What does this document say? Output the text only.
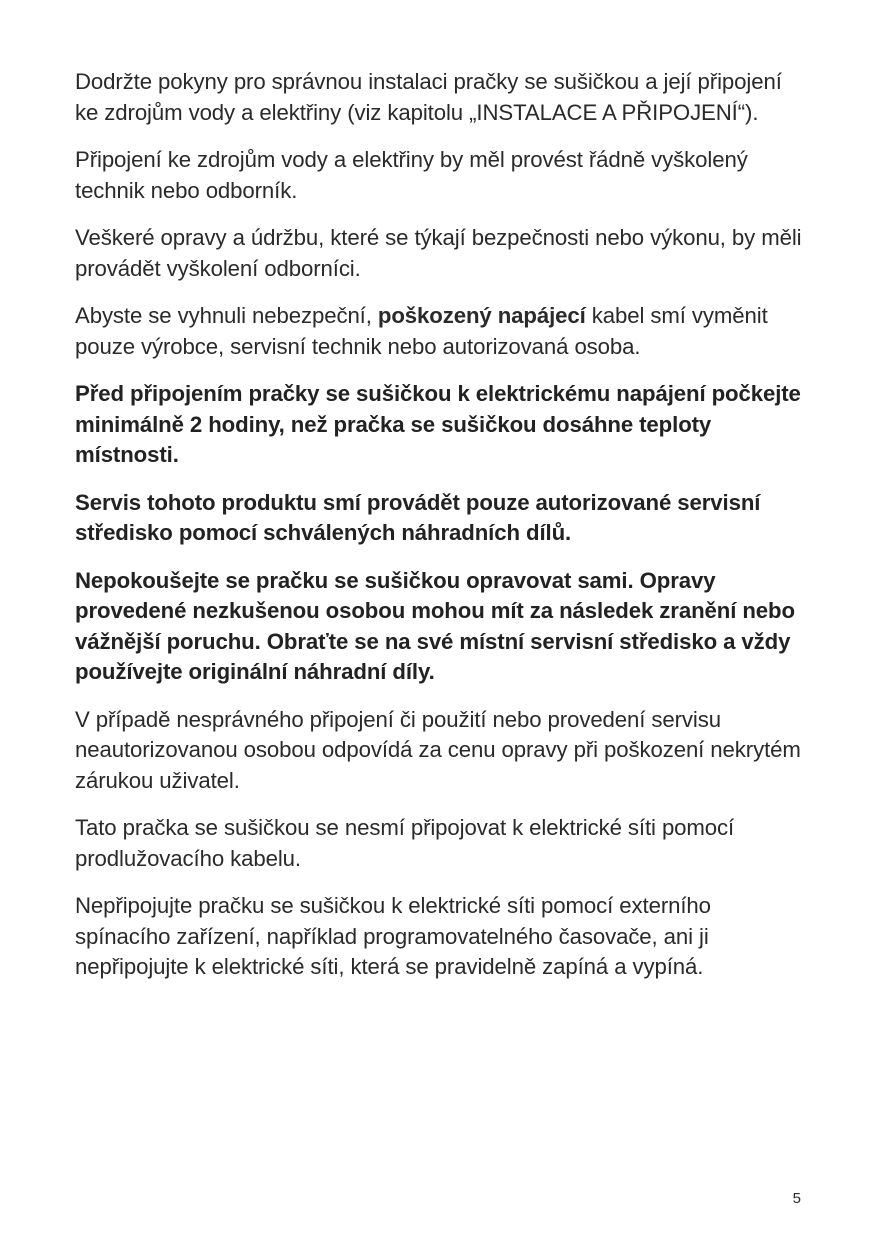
Dodržte pokyny pro správnou instalaci pračky se sušičkou a její připojení ke zdrojům vody a elektřiny (viz kapitolu „INSTALACE A PŘIPOJENÍ“).

Připojení ke zdrojům vody a elektřiny by měl provést řádně vyškolený technik nebo odborník.

Veškeré opravy a údržbu, které se týkají bezpečnosti nebo výkonu, by měli provádět vyškolení odborníci.

Abyste se vyhnuli nebezpeční, poškozený napájecí kabel smí vyměnit pouze výrobce, servisní technik nebo autorizovaná osoba.

Před připojením pračky se sušičkou k elektrickému napájení počkejte minimálně 2 hodiny, než pračka se sušičkou dosáhne teploty místnosti.

Servis tohoto produktu smí provádět pouze autorizované servisní středisko pomocí schválených náhradních dílů.

Nepokoušejte se pračku se sušičkou opravovat sami. Opravy provedené nezkušenou osobou mohou mít za následek zranění nebo vážnější poruchu. Obraťte se na své místní servisní středisko a vždy používejte originální náhradní díly.

V případě nesprávného připojení či použití nebo provedení servisu neautorizovanou osobou odpovídá za cenu opravy při poškození nekrytém zárukou uživatel.

Tato pračka se sušičkou se nesmí připojovat k elektrické síti pomocí prodlužovacího kabelu.

Nepřipojujte pračku se sušičkou k elektrické síti pomocí externího spínacího zařízení, například programovatelného časovače, ani ji nepřipojujte k elektrické síti, která se pravidelně zapíná a vypíná.

5
